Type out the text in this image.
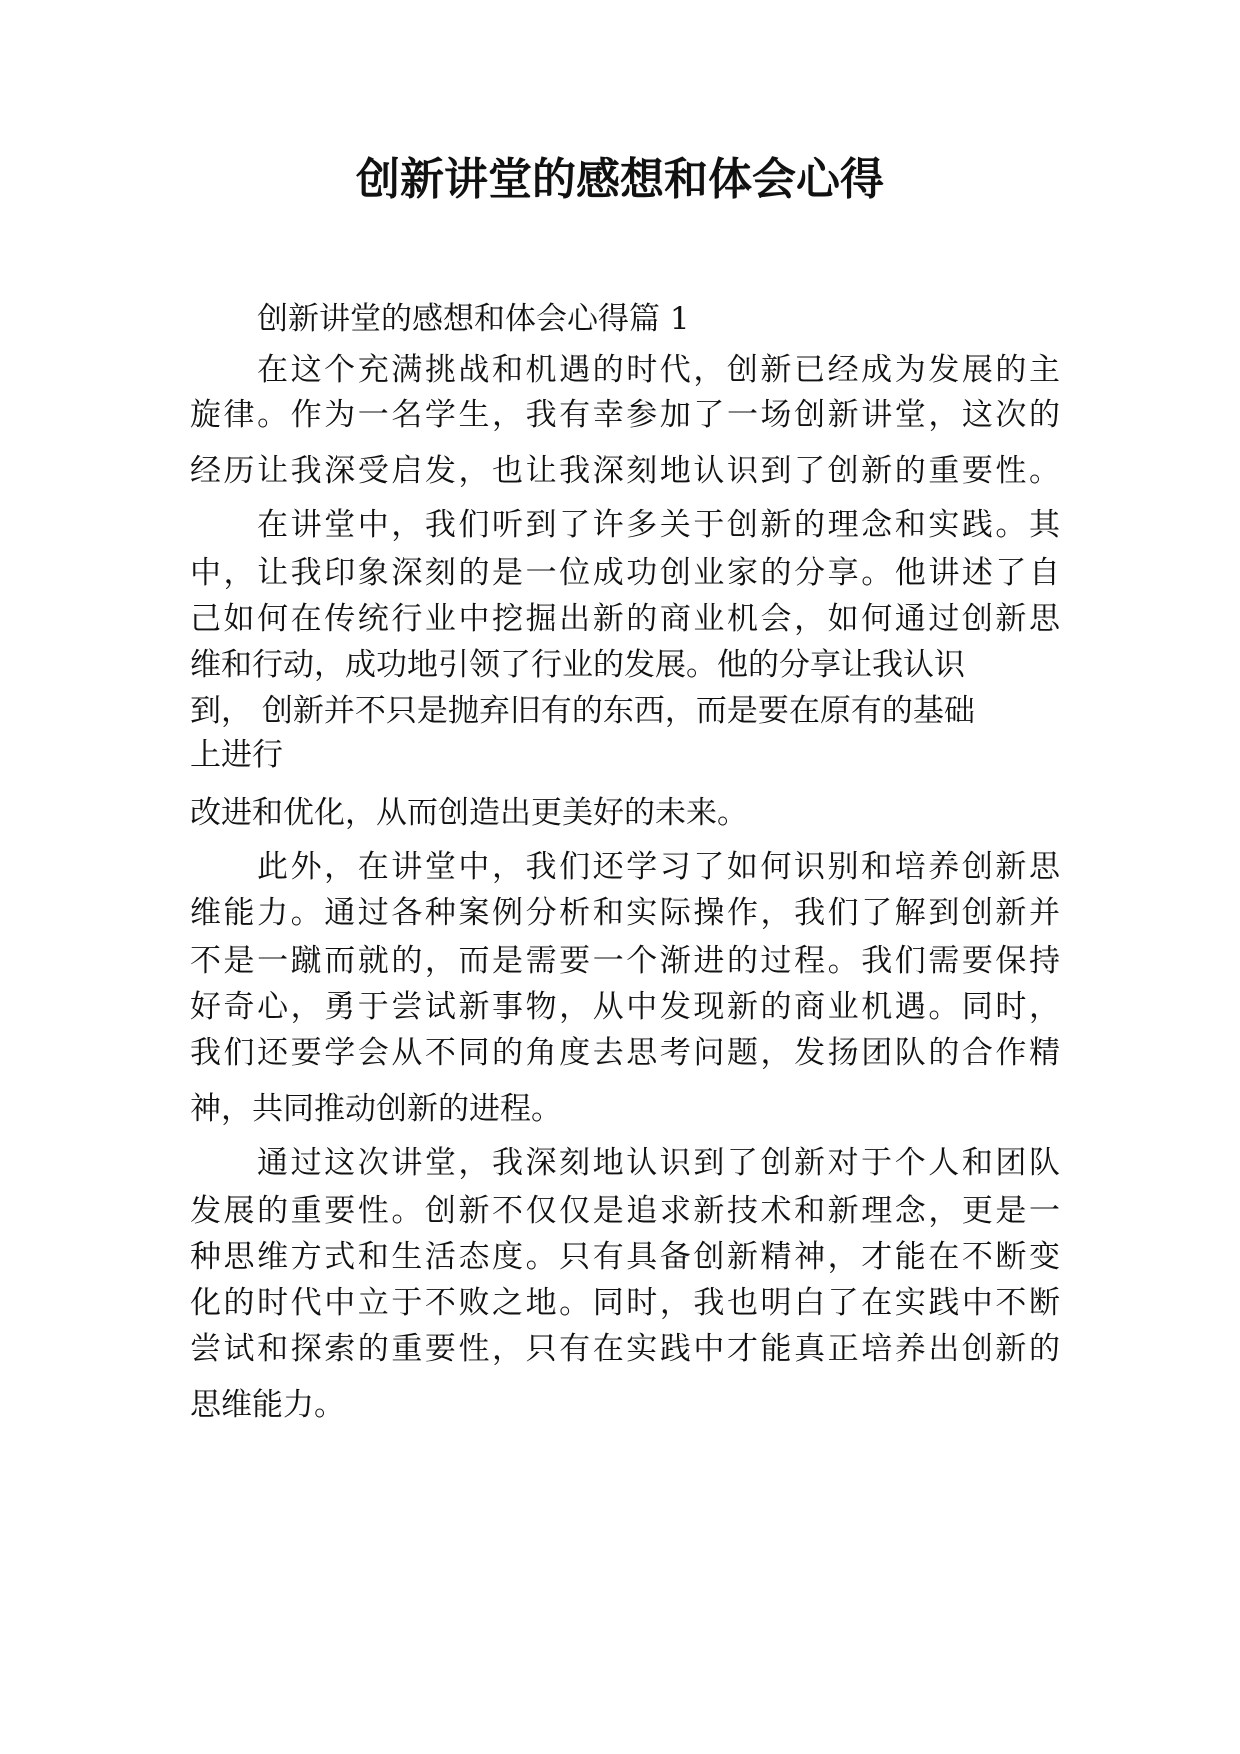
创新讲堂的感想和体会心得

创新讲堂的感想和体会心得篇 1

在这个充满挑战和机遇的时代，创新已经成为发展的主

旋律。作为一名学生，我有幸参加了一场创新讲堂，这次的

经历让我深受启发，也让我深刻地认识到了创新的重要性。

在讲堂中，我们听到了许多关于创新的理念和实践。其

中，让我印象深刻的是一位成功创业家的分享。他讲述了自

己如何在传统行业中挖掘出新的商业机会，如何通过创新思

维和行动，成功地引领了行业的发展。他的分享让我认识

到， 创新并不只是抛弃旧有的东西，而是要在原有的基础

上进行

改进和优化，从而创造出更美好的未来。

此外，在讲堂中，我们还学习了如何识别和培养创新思

维能力。通过各种案例分析和实际操作，我们了解到创新并

不是一蹴而就的，而是需要一个渐进的过程。我们需要保持

好奇心，勇于尝试新事物，从中发现新的商业机遇。同时，

我们还要学会从不同的角度去思考问题，发扬团队的合作精

神，共同推动创新的进程。

通过这次讲堂，我深刻地认识到了创新对于个人和团队

发展的重要性。创新不仅仅是追求新技术和新理念，更是一

种思维方式和生活态度。只有具备创新精神，才能在不断变

化的时代中立于不败之地。同时，我也明白了在实践中不断

尝试和探索的重要性，只有在实践中才能真正培养出创新的

思维能力。
